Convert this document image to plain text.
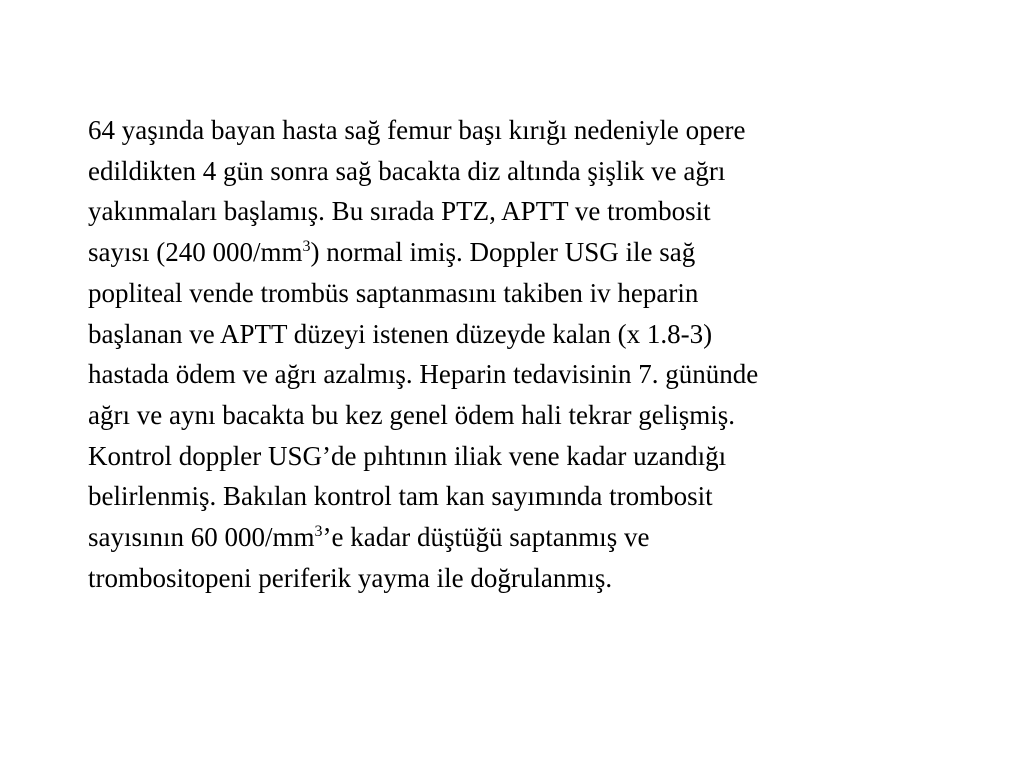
64 yaşında bayan hasta sağ femur başı kırığı nedeniyle opere
edildikten 4 gün sonra sağ bacakta diz altında şişlik ve ağrı
yakınmaları başlamış. Bu sırada PTZ, APTT ve trombosit
sayısı (240 $000/mm^3$) normal imiş. Doppler USG ile sağ
popliteal vende trombüs saptanmasını takiben iv heparin
başlanan ve APTT düzeyi istenen düzeyde kalan (x 1.8-3)
hastada ödem ve ağrı azalmış. Heparin tedavisinin 7. gününde
ağrı ve aynı bacakta bu kez genel ödem hali tekrar gelişmiş.
Kontrol doppler USG’de pıhtının iliak vene kadar uzandığı
belirlenmiş. Bakılan kontrol tam kan sayımında trombosit
sayısının 60 $000/mm^3’e$ kadar düştüğü saptanmış ve
trombositopeni periferik yayma ile doğrulanmış.
